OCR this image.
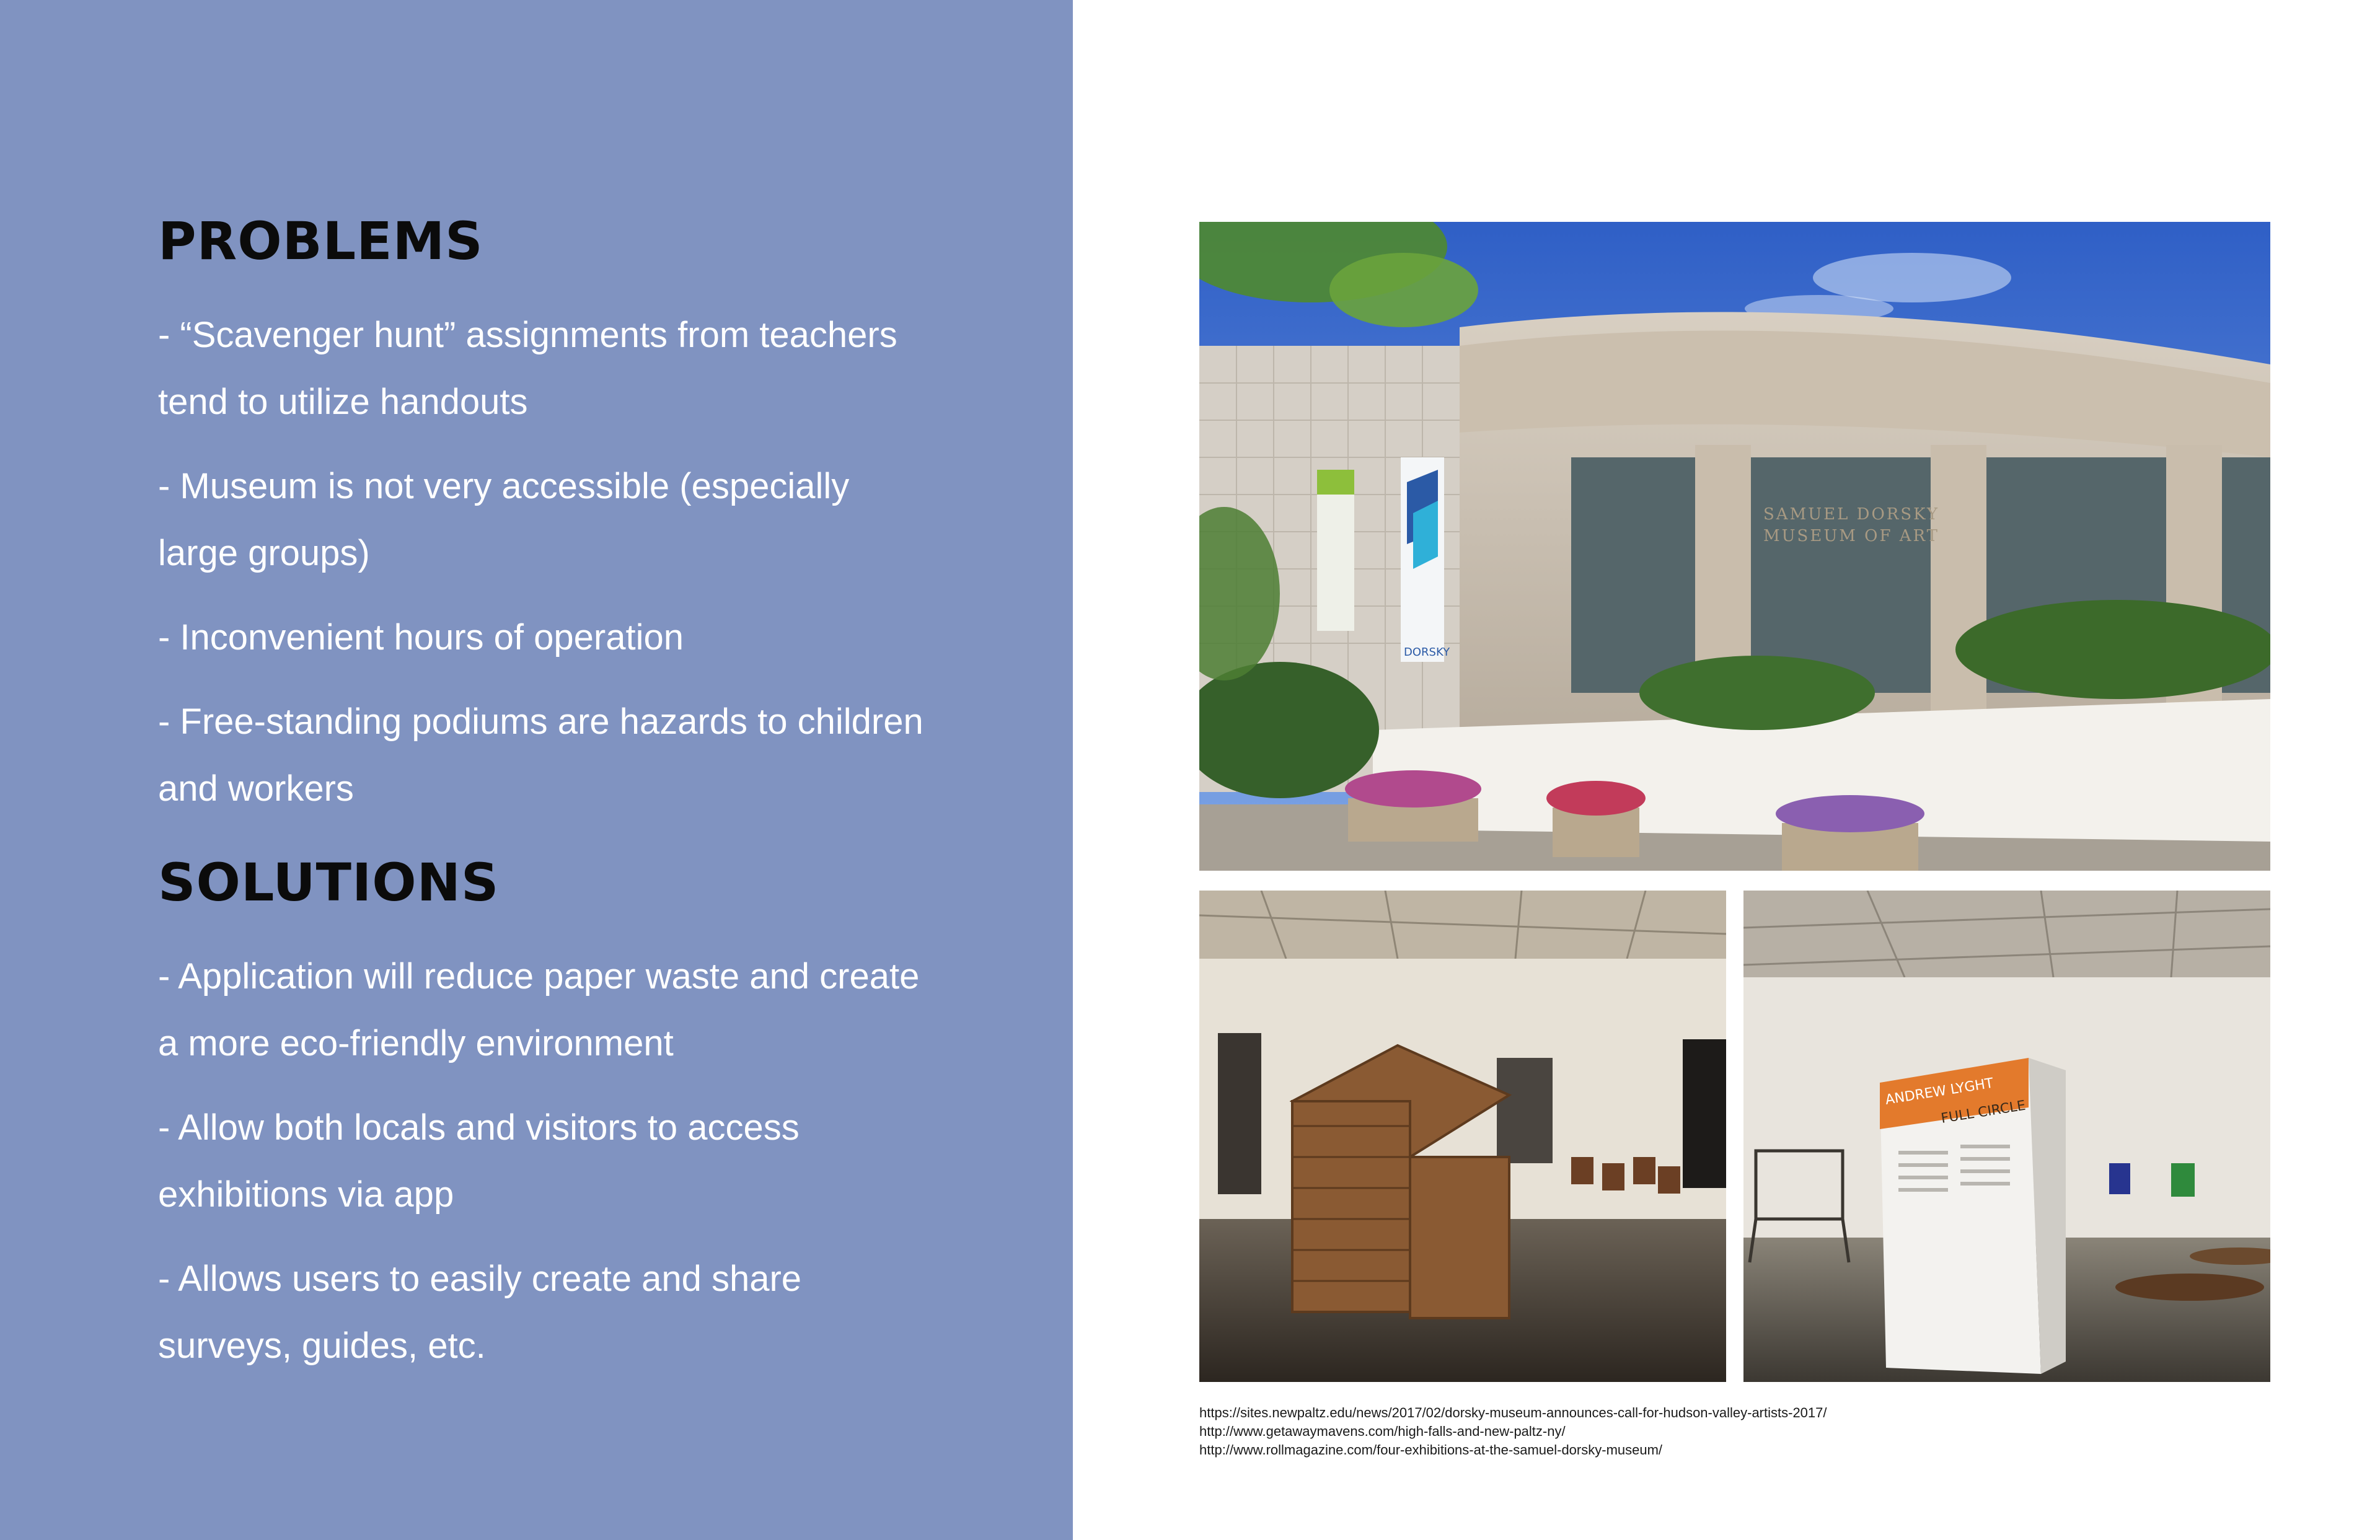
PROBLEMS
- “Scavenger hunt” assignments from teachers tend to utilize handouts
- Museum is not very accessible (especially large groups)
- Inconvenient hours of operation
- Free-standing podiums are hazards to children and workers
SOLUTIONS
- Application will reduce paper waste and create a more eco-friendly environment
- Allow both locals and visitors to access exhibitions via app
- Allows users to easily create and share surveys, guides, etc.
SAMUEL DORSKY
MUSEUM OF ART
DORSKY
ANDREW LYGHT
FULL CIRCLE
https://sites.newpaltz.edu/news/2017/02/dorsky-museum-announces-call-for-hudson-valley-artists-2017/
http://www.getawaymavens.com/high-falls-and-new-paltz-ny/
http://www.rollmagazine.com/four-exhibitions-at-the-samuel-dorsky-museum/
